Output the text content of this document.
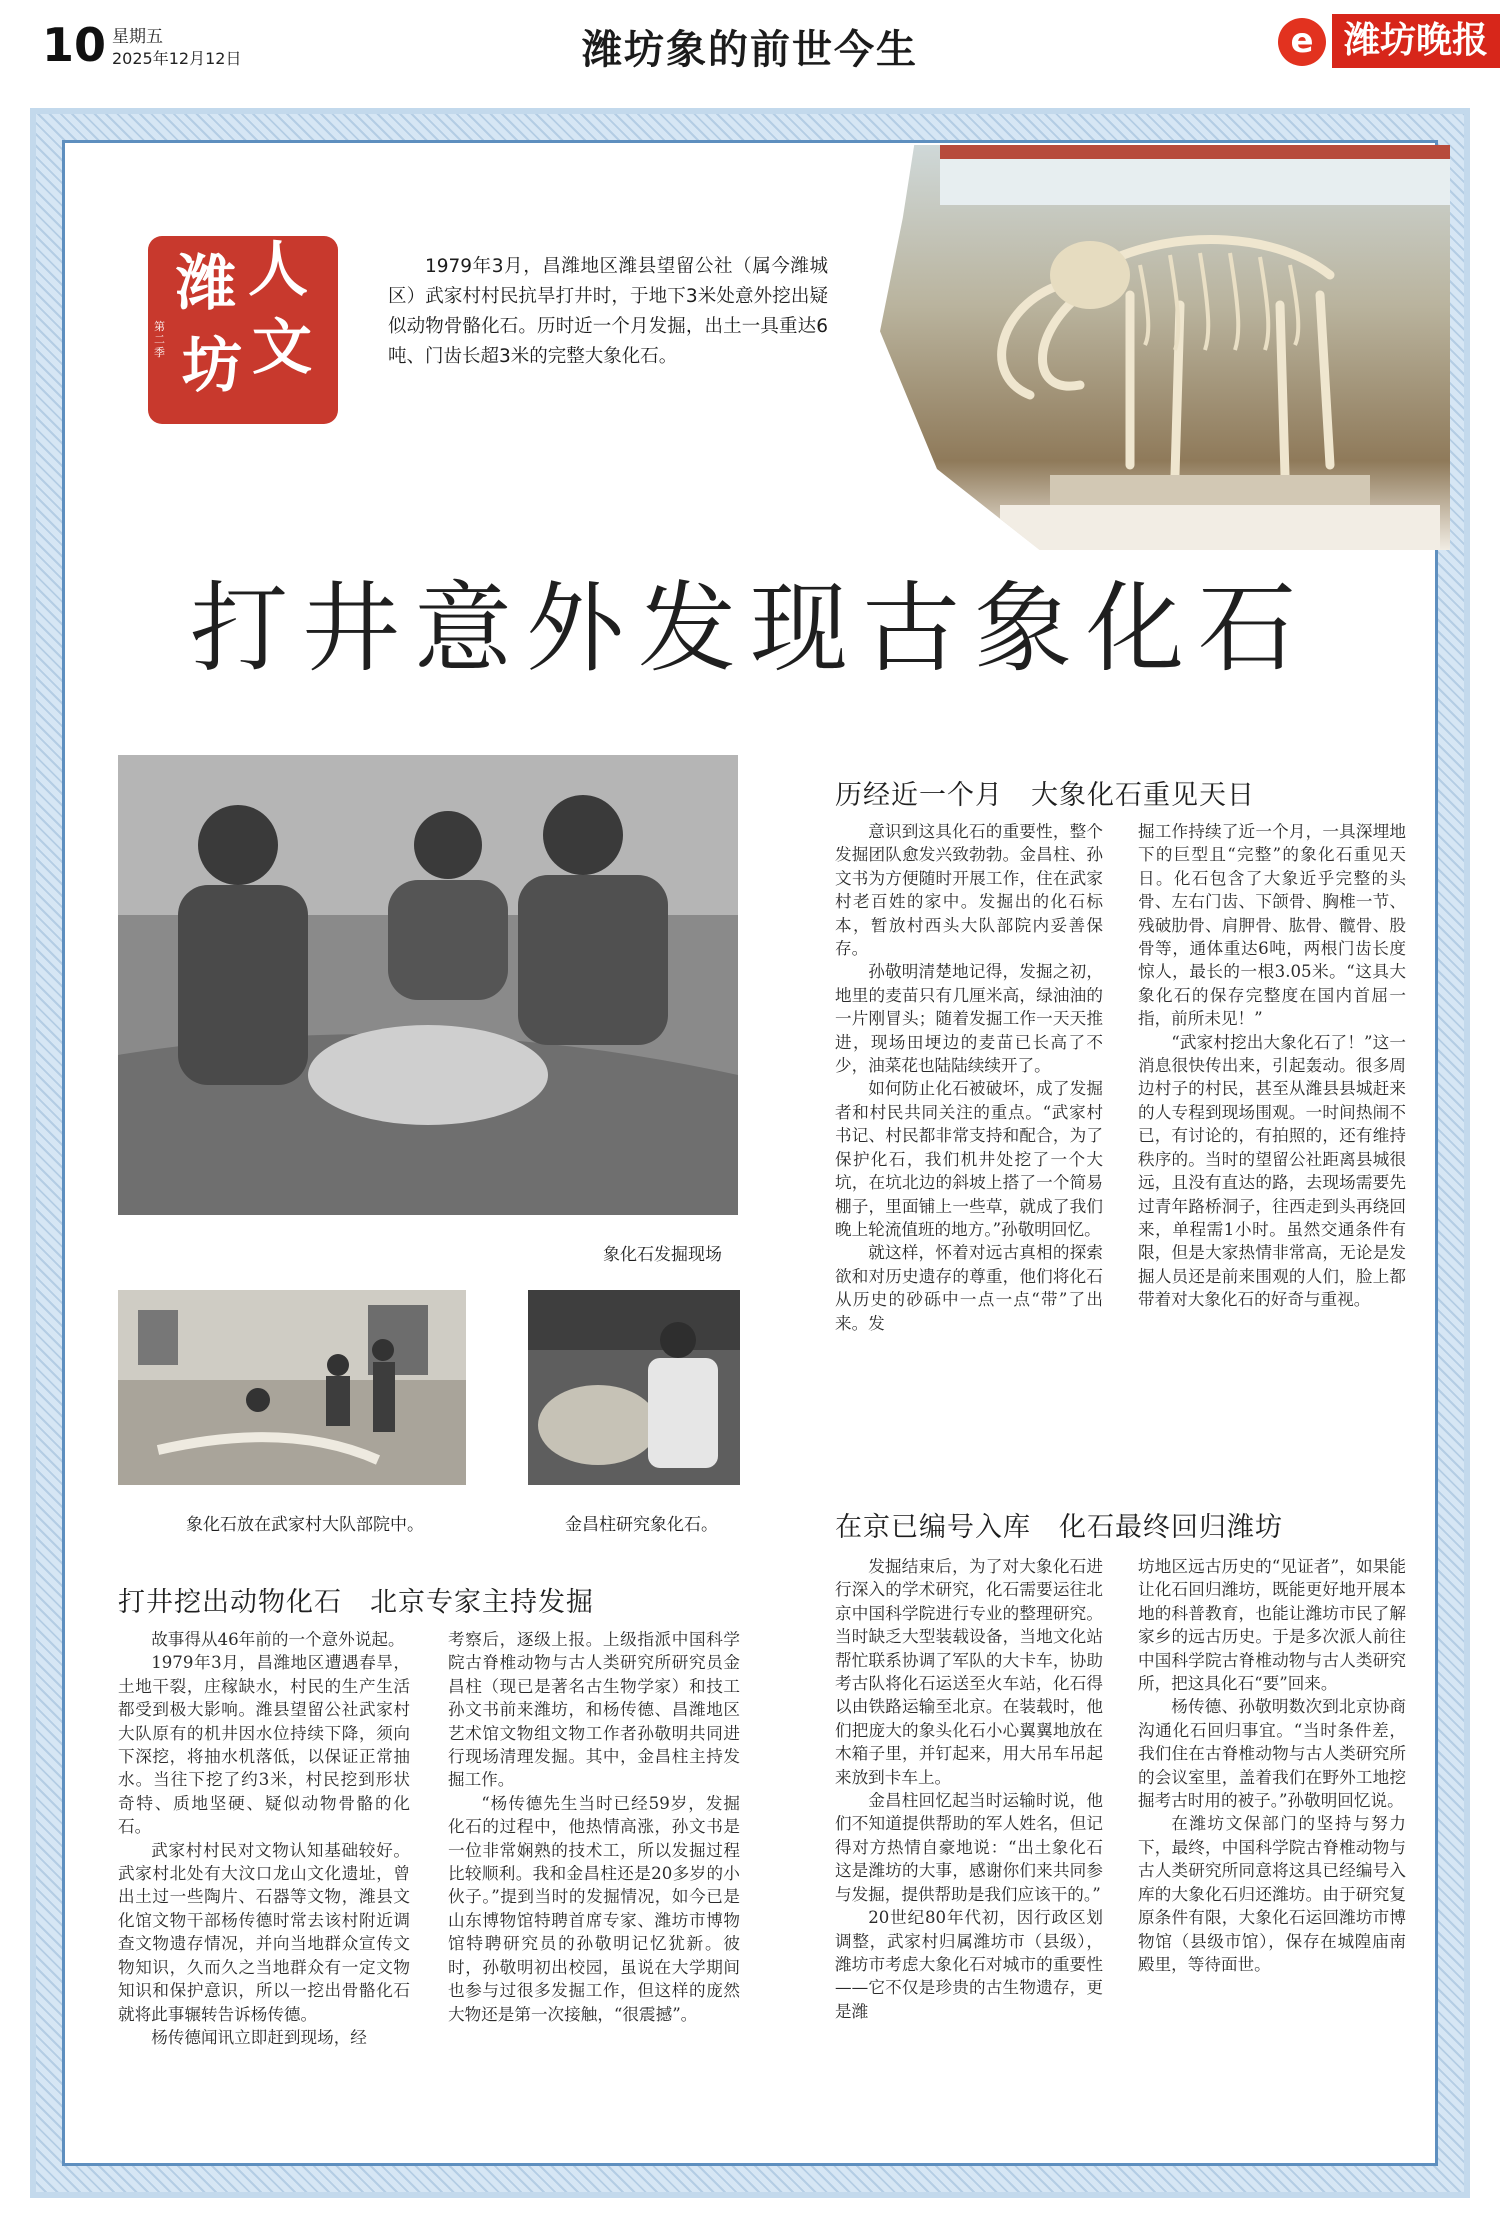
10 星期五
2025年12月12日	潍坊象的前世今生	e 潍坊晚报
潍 人
坊 文
第二季
1979年3月，昌潍地区潍县望留公社（属今潍城区）武家村村民抗旱打井时，于地下3米处意外挖出疑似动物骨骼化石。历时近一个月发掘，出土一具重达6吨、门齿长超3米的完整大象化石。
打井意外发现古象化石
象化石发掘现场
象化石放在武家村大队部院中。	金昌柱研究象化石。
打井挖出动物化石　北京专家主持发掘

故事得从46年前的一个意外说起。

1979年3月，昌潍地区遭遇春旱，土地干裂，庄稼缺水，村民的生产生活都受到极大影响。潍县望留公社武家村大队原有的机井因水位持续下降，须向下深挖，将抽水机落低，以保证正常抽水。当往下挖了约3米，村民挖到形状奇特、质地坚硬、疑似动物骨骼的化石。

武家村村民对文物认知基础较好。武家村北处有大汶口龙山文化遗址，曾出土过一些陶片、石器等文物，潍县文化馆文物干部杨传德时常去该村附近调查文物遗存情况，并向当地群众宣传文物知识，久而久之当地群众有一定文物知识和保护意识，所以一挖出骨骼化石就将此事辗转告诉杨传德。

杨传德闻讯立即赶到现场，经

考察后，逐级上报。上级指派中国科学院古脊椎动物与古人类研究所研究员金昌柱（现已是著名古生物学家）和技工孙文书前来潍坊，和杨传德、昌潍地区艺术馆文物组文物工作者孙敬明共同进行现场清理发掘。其中，金昌柱主持发掘工作。

“杨传德先生当时已经59岁，发掘化石的过程中，他热情高涨，孙文书是一位非常娴熟的技术工，所以发掘过程比较顺利。我和金昌柱还是20多岁的小伙子。”提到当时的发掘情况，如今已是山东博物馆特聘首席专家、潍坊市博物馆特聘研究员的孙敬明记忆犹新。彼时，孙敬明初出校园，虽说在大学期间也参与过很多发掘工作，但这样的庞然大物还是第一次接触，“很震撼”。

历经近一个月　大象化石重见天日

意识到这具化石的重要性，整个发掘团队愈发兴致勃勃。金昌柱、孙文书为方便随时开展工作，住在武家村老百姓的家中。发掘出的化石标本，暂放村西头大队部院内妥善保存。

孙敬明清楚地记得，发掘之初，地里的麦苗只有几厘米高，绿油油的一片刚冒头；随着发掘工作一天天推进，现场田埂边的麦苗已长高了不少，油菜花也陆陆续续开了。

如何防止化石被破坏，成了发掘者和村民共同关注的重点。“武家村书记、村民都非常支持和配合，为了保护化石，我们机井处挖了一个大坑，在坑北边的斜坡上搭了一个简易棚子，里面铺上一些草，就成了我们晚上轮流值班的地方。”孙敬明回忆。

就这样，怀着对远古真相的探索欲和对历史遗存的尊重，他们将化石从历史的砂砾中一点一点“带”了出来。发

掘工作持续了近一个月，一具深埋地下的巨型且“完整”的象化石重见天日。化石包含了大象近乎完整的头骨、左右门齿、下颌骨、胸椎一节、残破肋骨、肩胛骨、肱骨、髋骨、股骨等，通体重达6吨，两根门齿长度惊人，最长的一根3.05米。“这具大象化石的保存完整度在国内首屈一指，前所未见！”

“武家村挖出大象化石了！”这一消息很快传出来，引起轰动。很多周边村子的村民，甚至从潍县县城赶来的人专程到现场围观。一时间热闹不已，有讨论的，有拍照的，还有维持秩序的。当时的望留公社距离县城很远，且没有直达的路，去现场需要先过青年路桥洞子，往西走到头再绕回来，单程需1小时。虽然交通条件有限，但是大家热情非常高，无论是发掘人员还是前来围观的人们，脸上都带着对大象化石的好奇与重视。

在京已编号入库　化石最终回归潍坊

发掘结束后，为了对大象化石进行深入的学术研究，化石需要运往北京中国科学院进行专业的整理研究。当时缺乏大型装载设备，当地文化站帮忙联系协调了军队的大卡车，协助考古队将化石运送至火车站，化石得以由铁路运输至北京。在装载时，他们把庞大的象头化石小心翼翼地放在木箱子里，并钉起来，用大吊车吊起来放到卡车上。

金昌柱回忆起当时运输时说，他们不知道提供帮助的军人姓名，但记得对方热情自豪地说：“出土象化石这是潍坊的大事，感谢你们来共同参与发掘，提供帮助是我们应该干的。”

20世纪80年代初，因行政区划调整，武家村归属潍坊市（县级），潍坊市考虑大象化石对城市的重要性——它不仅是珍贵的古生物遗存，更是潍

坊地区远古历史的“见证者”，如果能让化石回归潍坊，既能更好地开展本地的科普教育，也能让潍坊市民了解家乡的远古历史。于是多次派人前往中国科学院古脊椎动物与古人类研究所，把这具化石“要”回来。

杨传德、孙敬明数次到北京协商沟通化石回归事宜。“当时条件差，我们住在古脊椎动物与古人类研究所的会议室里，盖着我们在野外工地挖掘考古时用的被子。”孙敬明回忆说。

在潍坊文保部门的坚持与努力下，最终，中国科学院古脊椎动物与古人类研究所同意将这具已经编号入库的大象化石归还潍坊。由于研究复原条件有限，大象化石运回潍坊市博物馆（县级市馆），保存在城隍庙南殿里，等待面世。
